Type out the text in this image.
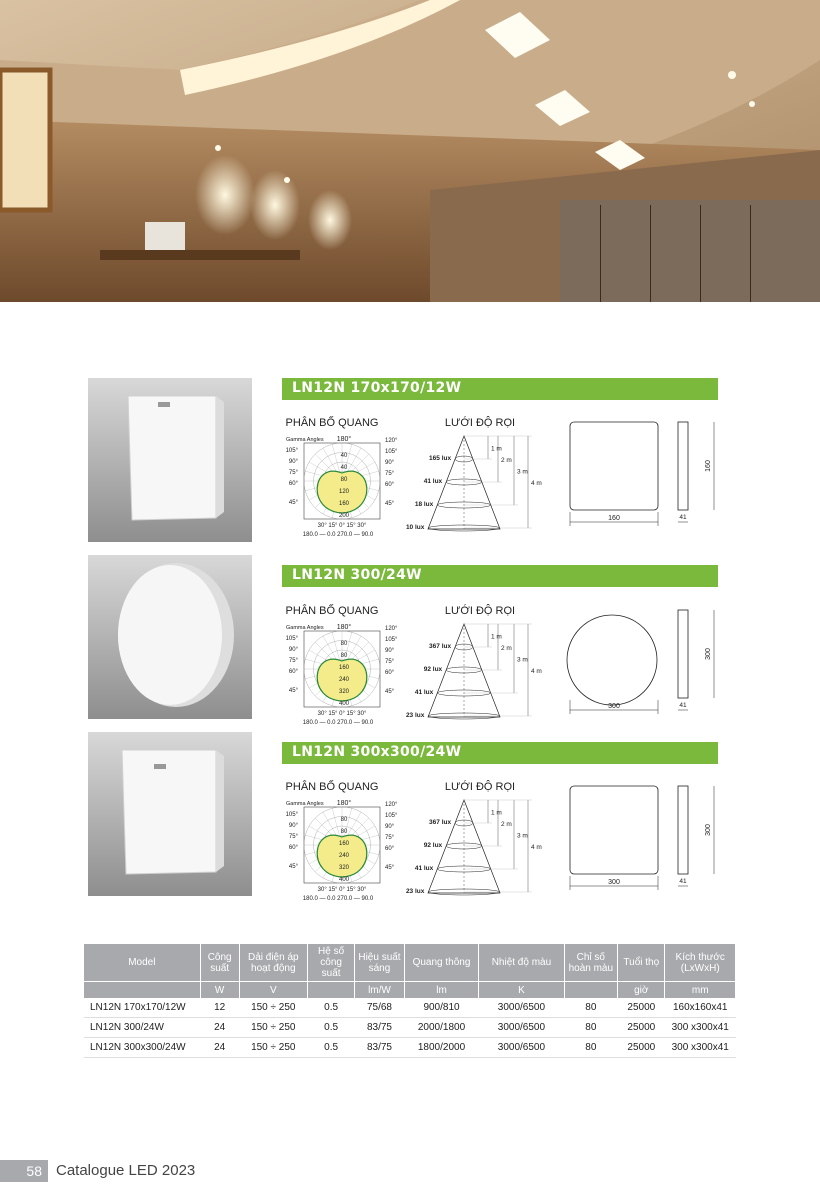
LN12N 170x170/12W
LN12N 300/24W
LN12N 300x300/24W
PHÂN BỐ QUANG
Gamma Angles 180°
40
40
80
120
160
200
105°
90°
75°
60°
45°
120°
105°
90°
75°
60°
45°
30° 15° 0° 15° 30°
180.0 — 0.0 270.0 — 90.0
LƯỚI ĐỘ RỌI
165 lux
41 lux
18 lux
10 lux
1 m
2 m
3 m
4 m
160
160
41
PHÂN BỐ QUANG
Gamma Angles 180°
80
80
160
240
320
400
105°
90°
75°
60°
45°
120°
105°
90°
75°
60°
45°
30° 15° 0° 15° 30°
180.0 — 0.0 270.0 — 90.0
LƯỚI ĐỘ RỌI
367 lux
92 lux
41 lux
23 lux
1 m
2 m
3 m
4 m
300
300
41
PHÂN BỐ QUANG
Gamma Angles 180°
80
80
160
240
320
400
105°
90°
75°
60°
45°
120°
105°
90°
75°
60°
45°
30° 15° 0° 15° 30°
180.0 — 0.0 270.0 — 90.0
LƯỚI ĐỘ RỌI
367 lux
92 lux
41 lux
23 lux
1 m
2 m
3 m
4 m
300
300
41
Model	Công suất	Dải điện áp hoạt động	Hệ số công suất	Hiệu suất sáng	Quang thông	Nhiệt độ màu	Chỉ số hoàn màu	Tuổi thọ	Kích thước (LxWxH)
	W	V		lm/W	lm	K		giờ	mm
LN12N 170x170/12W	12	150 ÷ 250	0.5	75/68	900/810	3000/6500	80	25000	160x160x41
LN12N 300/24W	24	150 ÷ 250	0.5	83/75	2000/1800	3000/6500	80	25000	300 x300x41
LN12N 300x300/24W	24	150 ÷ 250	0.5	83/75	1800/2000	3000/6500	80	25000	300 x300x41
58 Catalogue LED 2023
